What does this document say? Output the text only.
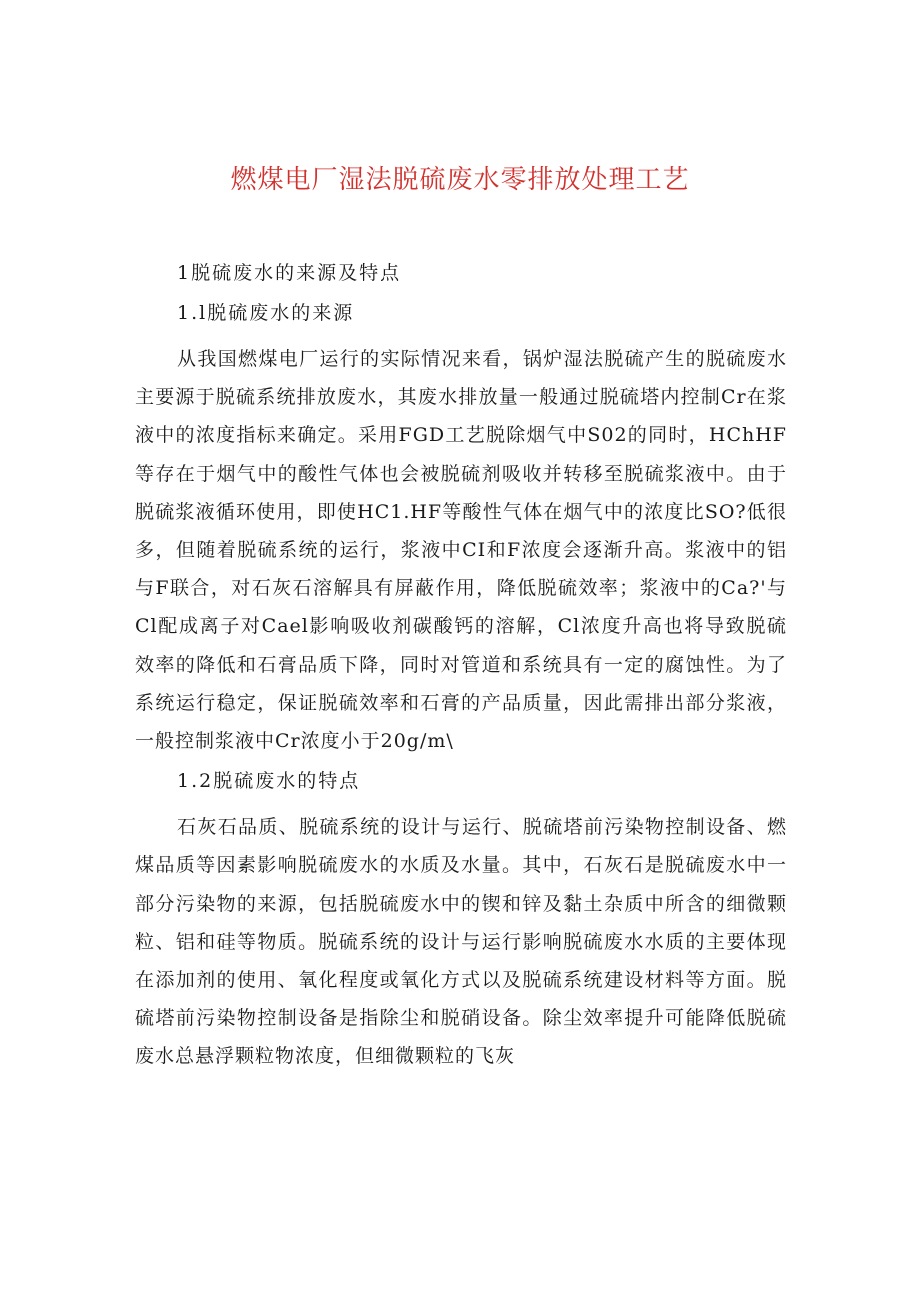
燃煤电厂湿法脱硫废水零排放处理工艺

1脱硫废水的来源及特点

1.l脱硫废水的来源

从我国燃煤电厂运行的实际情况来看，锅炉湿法脱硫产生的脱硫废水主要源于脱硫系统排放废水，其废水排放量一般通过脱硫塔内控制Cr在浆液中的浓度指标来确定。采用FGD工艺脱除烟气中S02的同时，HChHF等存在于烟气中的酸性气体也会被脱硫剂吸收并转移至脱硫浆液中。由于脱硫浆液循环使用，即使HC1.HF等酸性气体在烟气中的浓度比SO?低很多，但随着脱硫系统的运行，浆液中CI和F浓度会逐渐升高。浆液中的铝与F联合，对石灰石溶解具有屏蔽作用，降低脱硫效率；浆液中的Ca?'与Cl配成离子对Cael影响吸收剂碳酸钙的溶解，Cl浓度升高也将导致脱硫效率的降低和石膏品质下降，同时对管道和系统具有一定的腐蚀性。为了系统运行稳定，保证脱硫效率和石膏的产品质量，因此需排出部分浆液，一般控制浆液中Cr浓度小于20g∕m\

1.2脱硫废水的特点

石灰石品质、脱硫系统的设计与运行、脱硫塔前污染物控制设备、燃煤品质等因素影响脱硫废水的水质及水量。其中，石灰石是脱硫废水中一部分污染物的来源，包括脱硫废水中的锲和锌及黏土杂质中所含的细微颗粒、铝和硅等物质。脱硫系统的设计与运行影响脱硫废水水质的主要体现在添加剂的使用、氧化程度或氧化方式以及脱硫系统建设材料等方面。脱硫塔前污染物控制设备是指除尘和脱硝设备。除尘效率提升可能降低脱硫废水总悬浮颗粒物浓度，但细微颗粒的飞灰
